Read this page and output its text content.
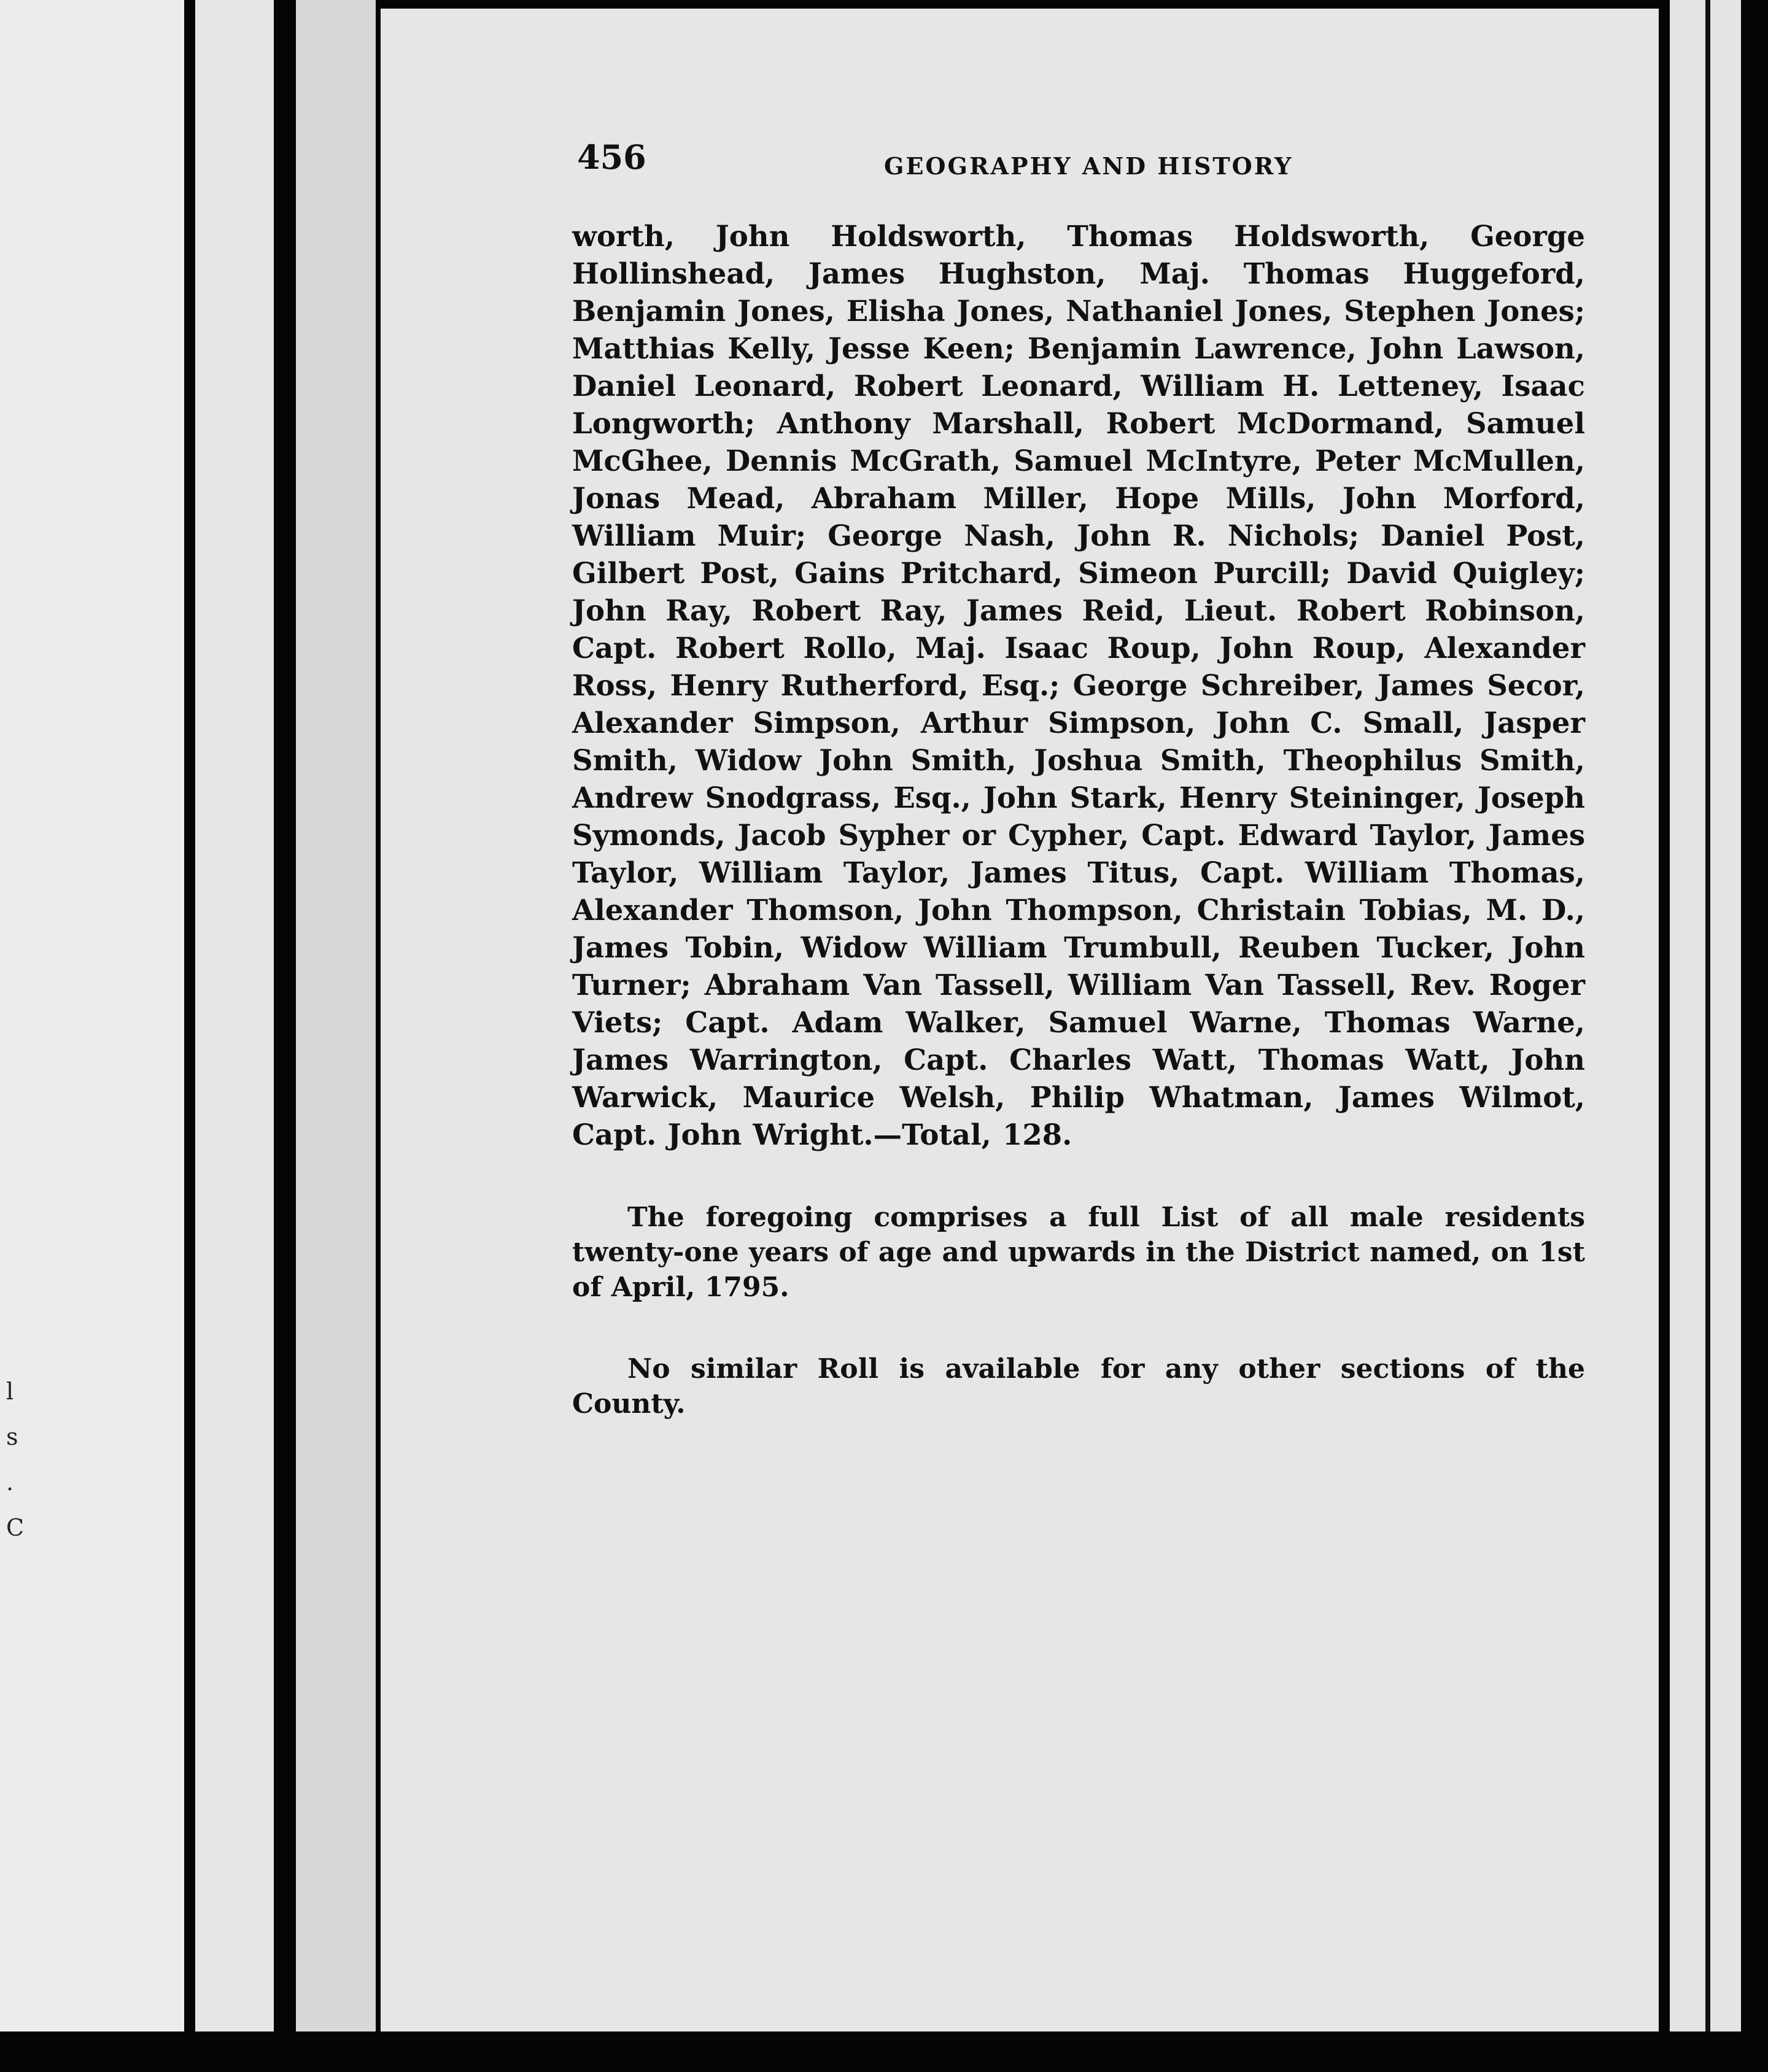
l
s
.
C
456	GEOGRAPHY AND HISTORY

worth, John Holdsworth, Thomas Holdsworth, George Hollinshead, James Hughston, Maj. Thomas Huggeford, Benjamin Jones, Elisha Jones, Nathaniel Jones, Stephen Jones; Matthias Kelly, Jesse Keen; Benjamin Lawrence, John Lawson, Daniel Leonard, Robert Leonard, William H. Letteney, Isaac Longworth; Anthony Marshall, Robert McDormand, Samuel McGhee, Dennis McGrath, Samuel McIntyre, Peter McMullen, Jonas Mead, Abraham Miller, Hope Mills, John Morford, William Muir; George Nash, John R. Nichols; Daniel Post, Gilbert Post, Gains Pritchard, Simeon Purcill; David Quigley; John Ray, Robert Ray, James Reid, Lieut. Robert Robinson, Capt. Robert Rollo, Maj. Isaac Roup, John Roup, Alexander Ross, Henry Rutherford, Esq.; George Schreiber, James Secor, Alexander Simpson, Arthur Simpson, John C. Small, Jasper Smith, Widow John Smith, Joshua Smith, Theophilus Smith, Andrew Snodgrass, Esq., John Stark, Henry Steininger, Joseph Symonds, Jacob Sypher or Cypher, Capt. Edward Taylor, James Taylor, William Taylor, James Titus, Capt. William Thomas, Alexander Thomson, John Thompson, Christain Tobias, M. D., James Tobin, Widow William Trumbull, Reuben Tucker, John Turner; Abraham Van Tassell, William Van Tassell, Rev. Roger Viets; Capt. Adam Walker, Samuel Warne, Thomas Warne, James Warrington, Capt. Charles Watt, Thomas Watt, John Warwick, Maurice Welsh, Philip Whatman, James Wilmot, Capt. John Wright.—Total, 128.

The foregoing comprises a full List of all male residents twenty-one years of age and upwards in the District named, on 1st of April, 1795.

No similar Roll is available for any other sections of the County.
